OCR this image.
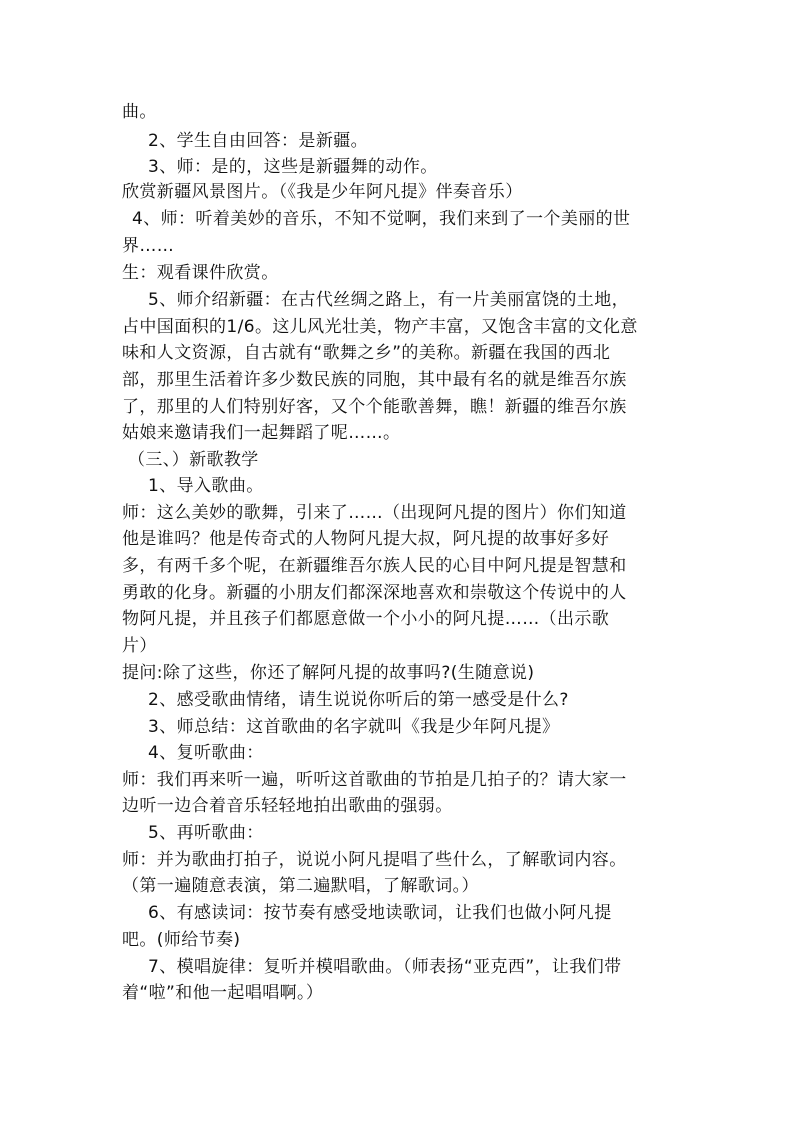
曲。
2、学生自由回答：是新疆。
3、师：是的，这些是新疆舞的动作。
欣赏新疆风景图片。（《我是少年阿凡提》伴奏音乐）
4、师：听着美妙的音乐，不知不觉啊，我们来到了一个美丽的世
界……
生：观看课件欣赏。
5、师介绍新疆：在古代丝绸之路上，有一片美丽富饶的土地，
占中国面积的1/6。这儿风光壮美，物产丰富，又饱含丰富的文化意
味和人文资源，自古就有“歌舞之乡”的美称。新疆在我国的西北
部，那里生活着许多少数民族的同胞，其中最有名的就是维吾尔族
了，那里的人们特别好客，又个个能歌善舞，瞧！新疆的维吾尔族
姑娘来邀请我们一起舞蹈了呢……。
（三、）新歌教学
1、导入歌曲。
师：这么美妙的歌舞，引来了……（出现阿凡提的图片）你们知道
他是谁吗？他是传奇式的人物阿凡提大叔，阿凡提的故事好多好
多，有两千多个呢，在新疆维吾尔族人民的心目中阿凡提是智慧和
勇敢的化身。新疆的小朋友们都深深地喜欢和崇敬这个传说中的人
物阿凡提，并且孩子们都愿意做一个小小的阿凡提……（出示歌
片）
提问:除了这些，你还了解阿凡提的故事吗?(生随意说)
2、感受歌曲情绪，请生说说你听后的第一感受是什么?
3、师总结：这首歌曲的名字就叫《我是少年阿凡提》
4、复听歌曲：
师：我们再来听一遍，听听这首歌曲的节拍是几拍子的？请大家一
边听一边合着音乐轻轻地拍出歌曲的强弱。
5、再听歌曲：
师：并为歌曲打拍子，说说小阿凡提唱了些什么，了解歌词内容。
（第一遍随意表演，第二遍默唱，了解歌词。）
6、有感读词：按节奏有感受地读歌词，让我们也做小阿凡提
吧。(师给节奏)
7、模唱旋律：复听并模唱歌曲。（师表扬“亚克西”，让我们带
着“啦”和他一起唱唱啊。）
